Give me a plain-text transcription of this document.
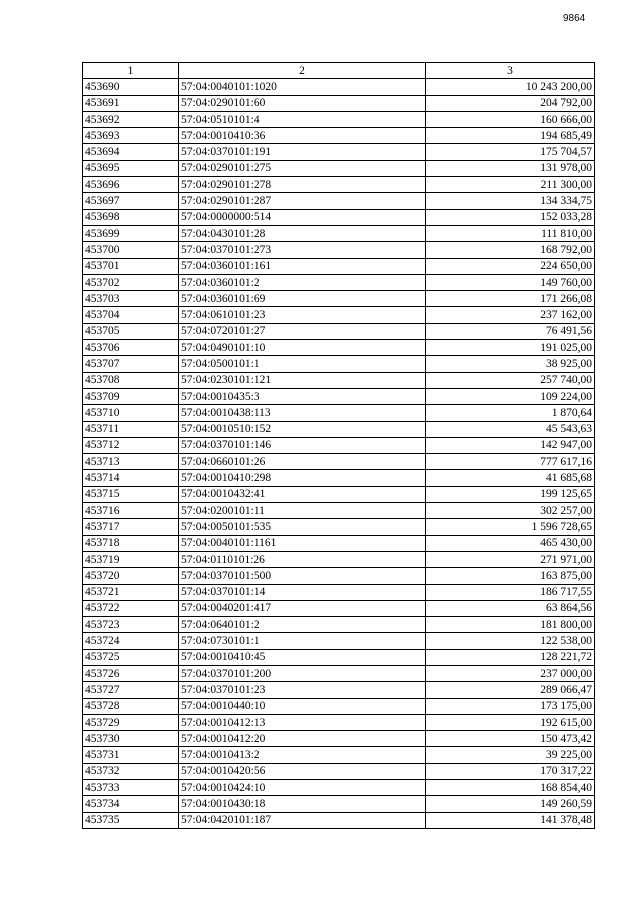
9864
1	2	3
453690	57:04:0040101:1020	10 243 200,00
453691	57:04:0290101:60	204 792,00
453692	57:04:0510101:4	160 666,00
453693	57:04:0010410:36	194 685,49
453694	57:04:0370101:191	175 704,57
453695	57:04:0290101:275	131 978,00
453696	57:04:0290101:278	211 300,00
453697	57:04:0290101:287	134 334,75
453698	57:04:0000000:514	152 033,28
453699	57:04:0430101:28	111 810,00
453700	57:04:0370101:273	168 792,00
453701	57:04:0360101:161	224 650,00
453702	57:04:0360101:2	149 760,00
453703	57:04:0360101:69	171 266,08
453704	57:04:0610101:23	237 162,00
453705	57:04:0720101:27	76 491,56
453706	57:04:0490101:10	191 025,00
453707	57:04:0500101:1	38 925,00
453708	57:04:0230101:121	257 740,00
453709	57:04:0010435:3	109 224,00
453710	57:04:0010438:113	1 870,64
453711	57:04:0010510:152	45 543,63
453712	57:04:0370101:146	142 947,00
453713	57:04:0660101:26	777 617,16
453714	57:04:0010410:298	41 685,68
453715	57:04:0010432:41	199 125,65
453716	57:04:0200101:11	302 257,00
453717	57:04:0050101:535	1 596 728,65
453718	57:04:0040101:1161	465 430,00
453719	57:04:0110101:26	271 971,00
453720	57:04:0370101:500	163 875,00
453721	57:04:0370101:14	186 717,55
453722	57:04:0040201:417	63 864,56
453723	57:04:0640101:2	181 800,00
453724	57:04:0730101:1	122 538,00
453725	57:04:0010410:45	128 221,72
453726	57:04:0370101:200	237 000,00
453727	57:04:0370101:23	289 066,47
453728	57:04:0010440:10	173 175,00
453729	57:04:0010412:13	192 615,00
453730	57:04:0010412:20	150 473,42
453731	57:04:0010413:2	39 225,00
453732	57:04:0010420:56	170 317,22
453733	57:04:0010424:10	168 854,40
453734	57:04:0010430:18	149 260,59
453735	57:04:0420101:187	141 378,48
